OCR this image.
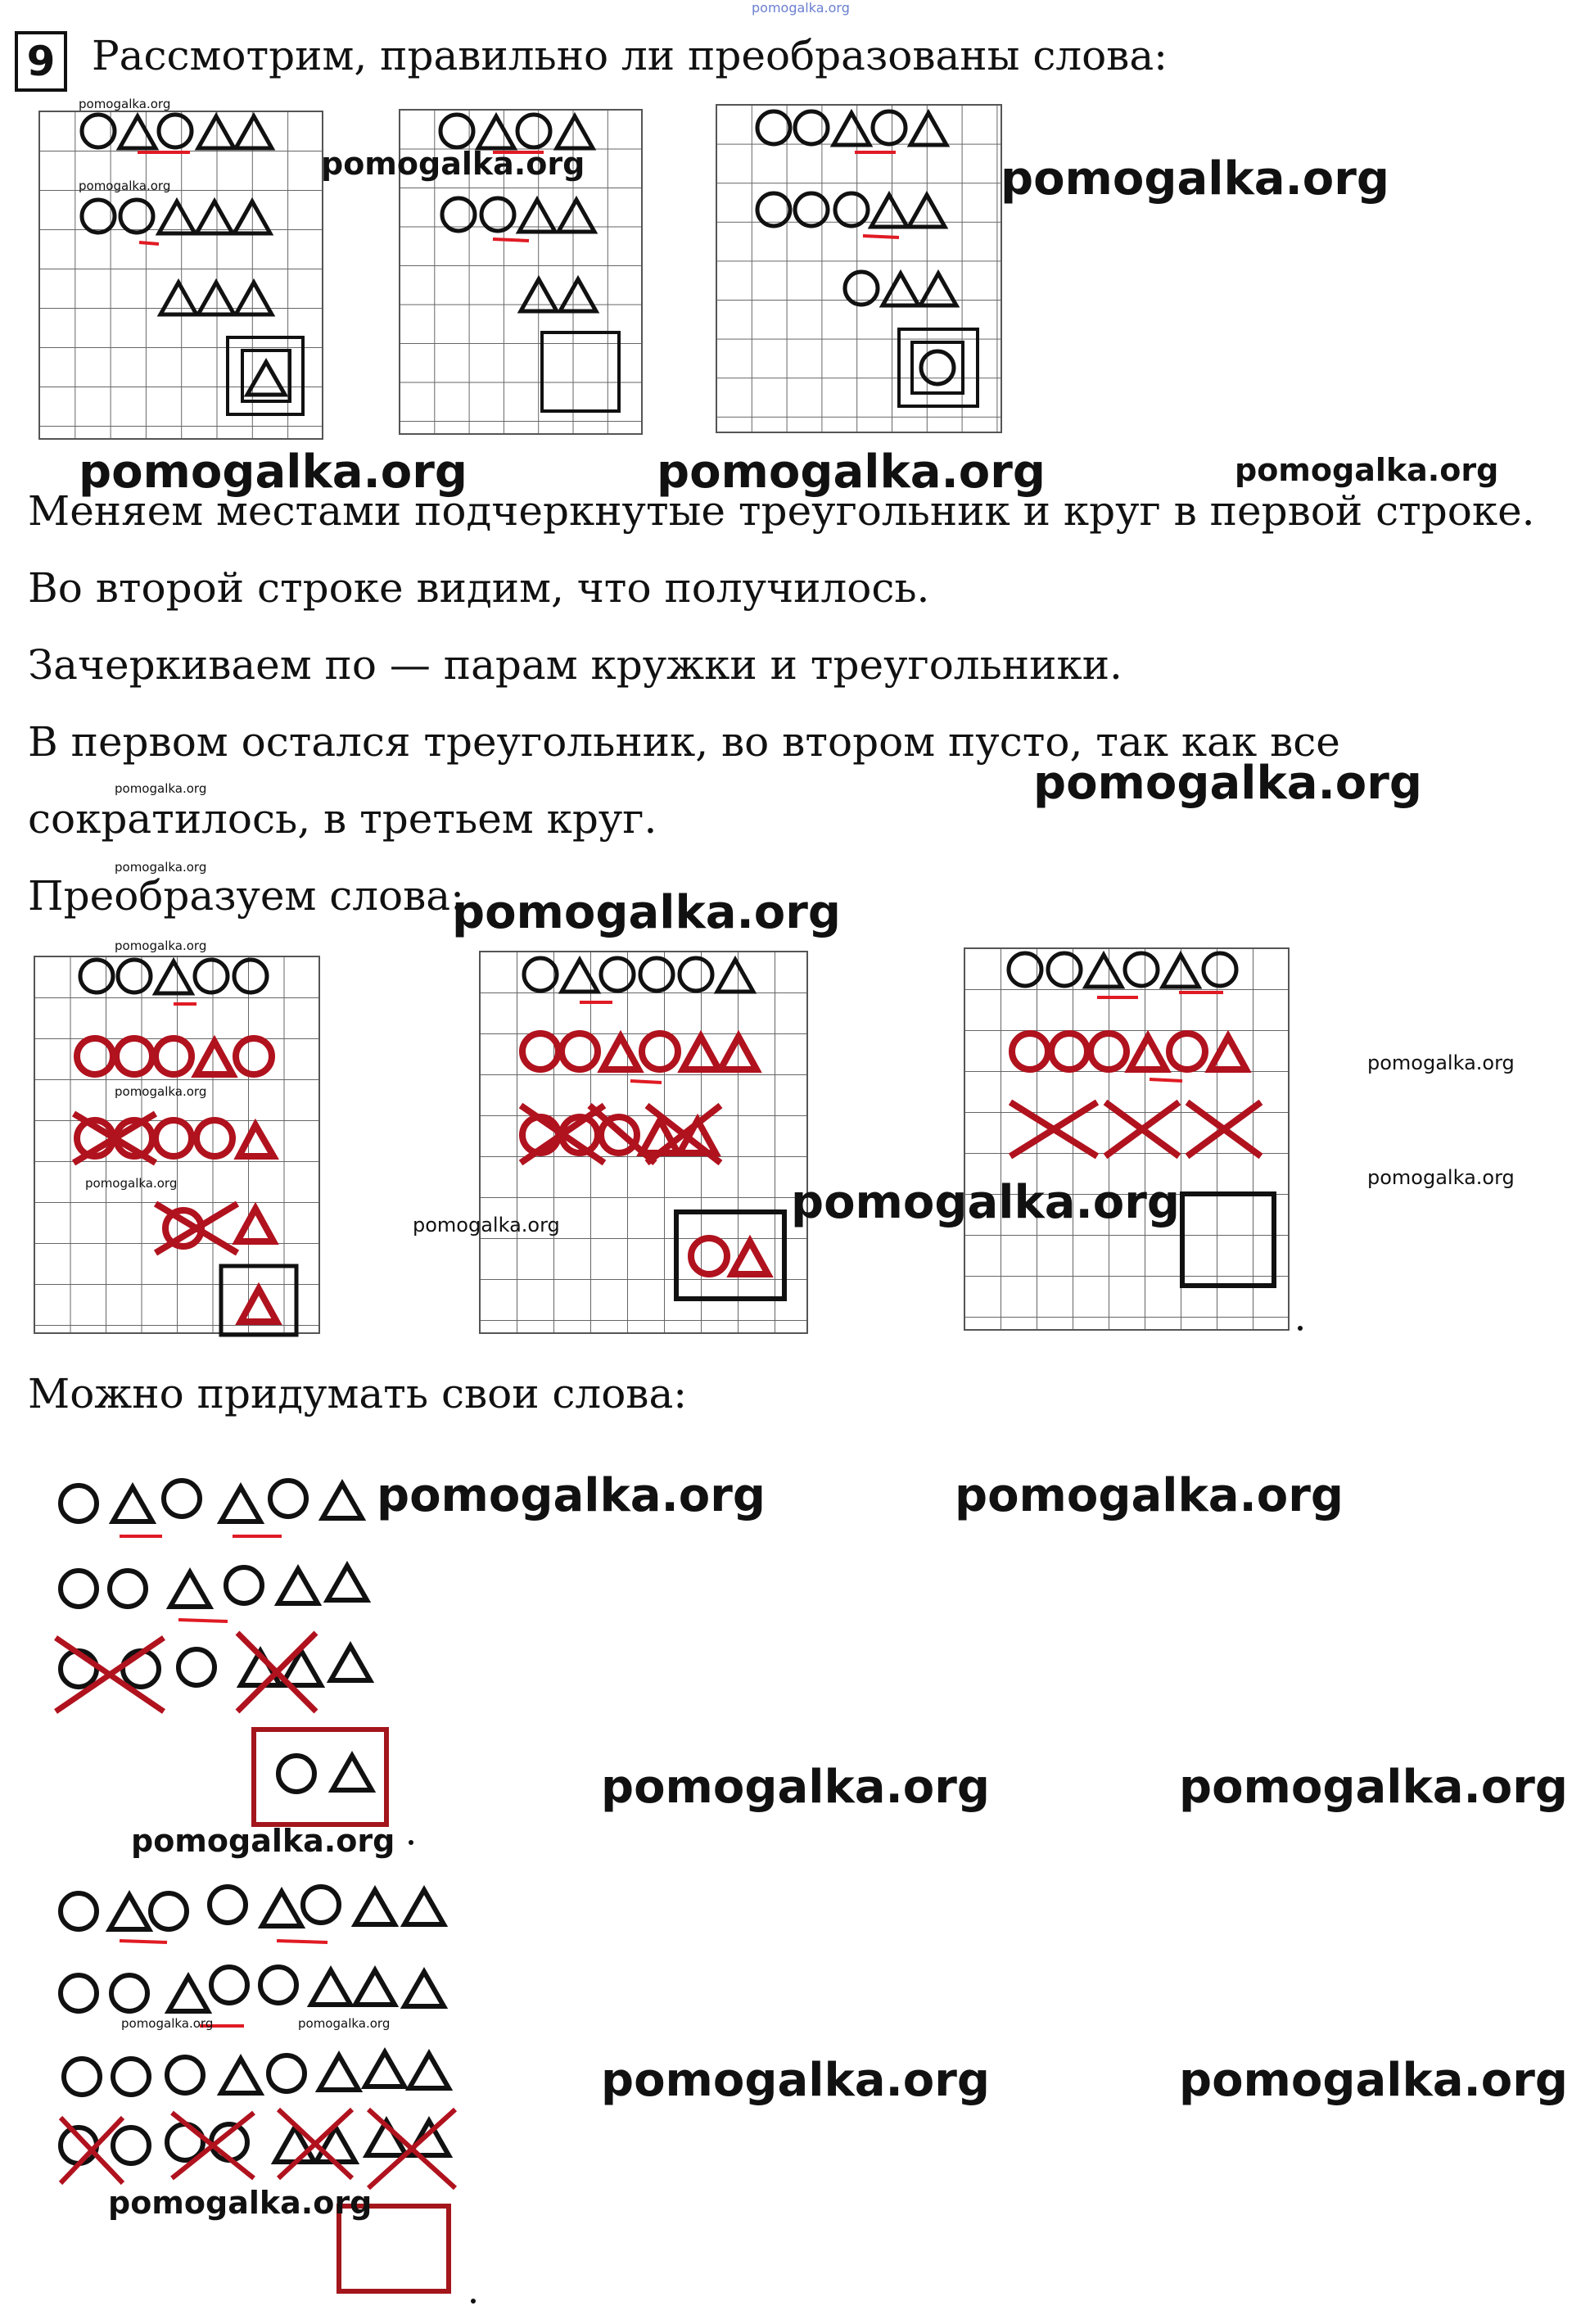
pomogalka.org
9 Рассмотрим, правильно ли преобразованы слова:
pomogalka.org
pomogalka.org
pomogalka.org	pomogalka.org
pomogalka.org	pomogalka.org	pomogalka.org
Меняем местами подчеркнутые треугольник и круг в первой строке.
Во второй строке видим, что получилось.
Зачеркиваем по — парам кружки и треугольники.
В первом остался треугольник, во втором пусто, так как все
pomogalka.org	pomogalka.org
сократилось, в третьем круг.
pomogalka.org
Преобразуем слова:
pomogalka.org
pomogalka.org
pomogalka.org
pomogalka.org
pomogalka.org	pomogalka.org
pomogalka.org
pomogalka.org
Можно придумать свои слова:
pomogalka.org	pomogalka.org
pomogalka.org	pomogalka.org
pomogalka.org
pomogalka.org	pomogalka.org
pomogalka.org	pomogalka.org
pomogalka.org
